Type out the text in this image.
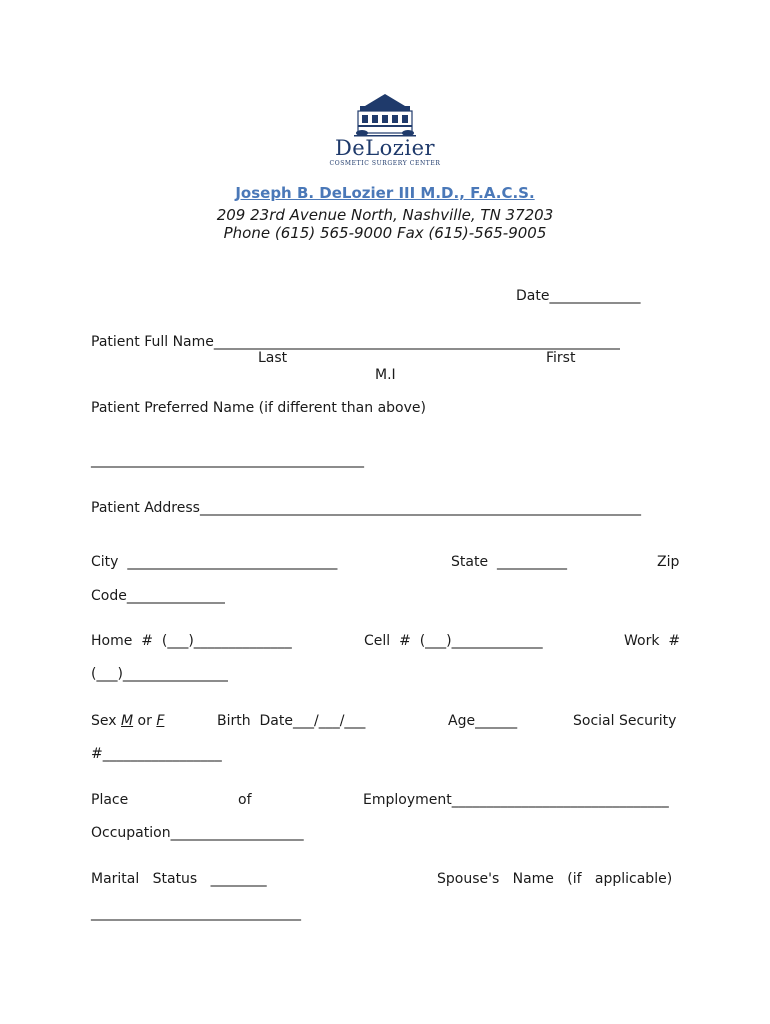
DeLozier
COSMETIC SURGERY CENTER
Joseph B. DeLozier III M.D., F.A.C.S.
209 23rd Avenue North, Nashville, TN 37203
Phone (615) 565-9000 Fax (615)-565-9005
Date_____________
Patient Full Name__________________________________________________________
Last	First
M.I
Patient Preferred Name (if different than above)
_______________________________________
Patient Address_______________________________________________________________
City  ______________________________	State  __________	Zip
Code______________
Home  #  (___)______________	Cell  #  (___)_____________	Work  #
(___)_______________
Sex M or F	Birth  Date___/___/___	Age______	Social Security
#_________________
Place	of	Employment_______________________________
Occupation___________________
Marital   Status   ________	Spouse's   Name   (if   applicable)
______________________________
